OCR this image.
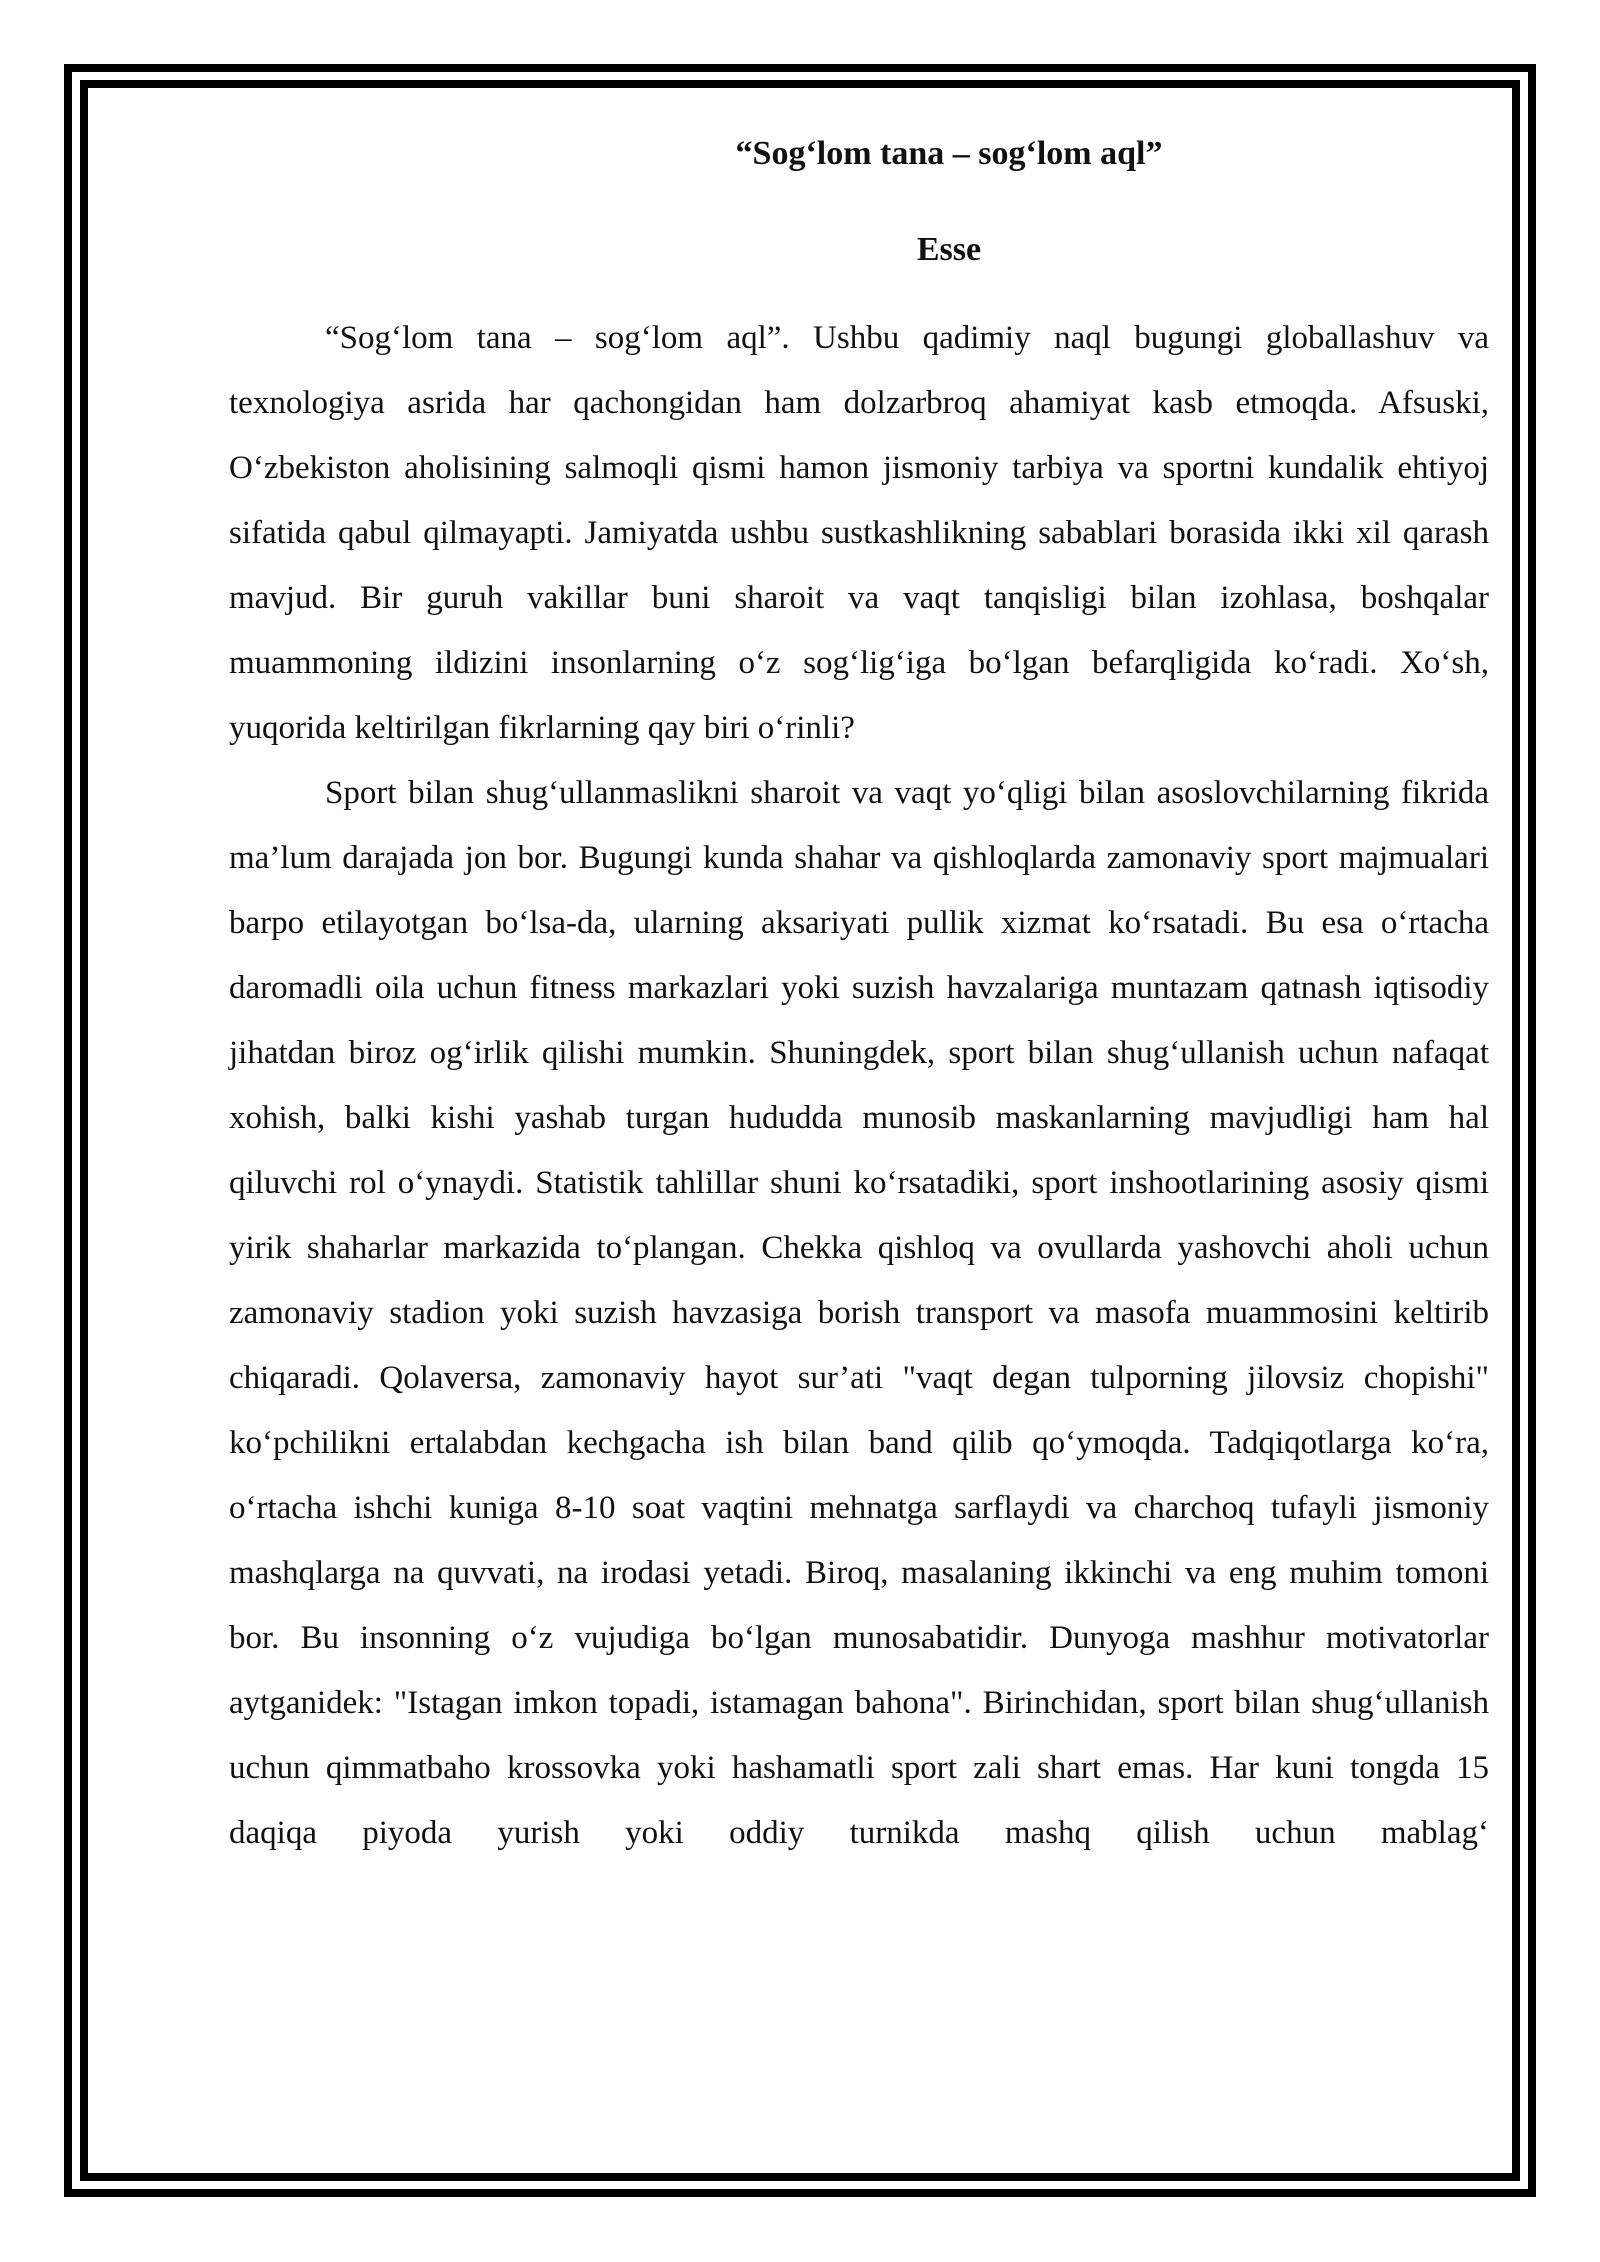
“Sog‘lom tana – sog‘lom aql”
Esse

“Sog‘lom tana – sog‘lom aql”. Ushbu qadimiy naql bugungi globallashuv va texnologiya asrida har qachongidan ham dolzarbroq ahamiyat kasb etmoqda. Afsuski, O‘zbekiston aholisining salmoqli qismi hamon jismoniy tarbiya va sportni kundalik ehtiyoj sifatida qabul qilmayapti. Jamiyatda ushbu sustkashlikning sabablari borasida ikki xil qarash mavjud. Bir guruh vakillar buni sharoit va vaqt tanqisligi bilan izohlasa, boshqalar muammoning ildizini insonlarning o‘z sog‘lig‘iga bo‘lgan befarqligida ko‘radi. Xo‘sh, yuqorida keltirilgan fikrlarning qay biri o‘rinli?

Sport bilan shug‘ullanmaslikni sharoit va vaqt yo‘qligi bilan asoslovchilarning fikrida ma’lum darajada jon bor. Bugungi kunda shahar va qishloqlarda zamonaviy sport majmualari barpo etilayotgan bo‘lsa-da, ularning aksariyati pullik xizmat ko‘rsatadi. Bu esa o‘rtacha daromadli oila uchun fitness markazlari yoki suzish havzalariga muntazam qatnash iqtisodiy jihatdan biroz og‘irlik qilishi mumkin. Shuningdek, sport bilan shug‘ullanish uchun nafaqat xohish, balki kishi yashab turgan hududda munosib maskanlarning mavjudligi ham hal qiluvchi rol o‘ynaydi. Statistik tahlillar shuni ko‘rsatadiki, sport inshootlarining asosiy qismi yirik shaharlar markazida to‘plangan. Chekka qishloq va ovullarda yashovchi aholi uchun zamonaviy stadion yoki suzish havzasiga borish transport va masofa muammosini keltirib chiqaradi. Qolaversa, zamonaviy hayot sur’ati "vaqt degan tulporning jilovsiz chopishi" ko‘pchilikni ertalabdan kechgacha ish bilan band qilib qo‘ymoqda. Tadqiqotlarga ko‘ra, o‘rtacha ishchi kuniga 8-10 soat vaqtini mehnatga sarflaydi va charchoq tufayli jismoniy mashqlarga na quvvati, na irodasi yetadi. Biroq, masalaning ikkinchi va eng muhim tomoni bor. Bu insonning o‘z vujudiga bo‘lgan munosabatidir. Dunyoga mashhur motivatorlar aytganidek: "Istagan imkon topadi, istamagan bahona". Birinchidan, sport bilan shug‘ullanish uchun qimmatbaho krossovka yoki hashamatli sport zali shart emas. Har kuni tongda 15 daqiqa piyoda yurish yoki oddiy turnikda mashq qilish uchun mablag‘
